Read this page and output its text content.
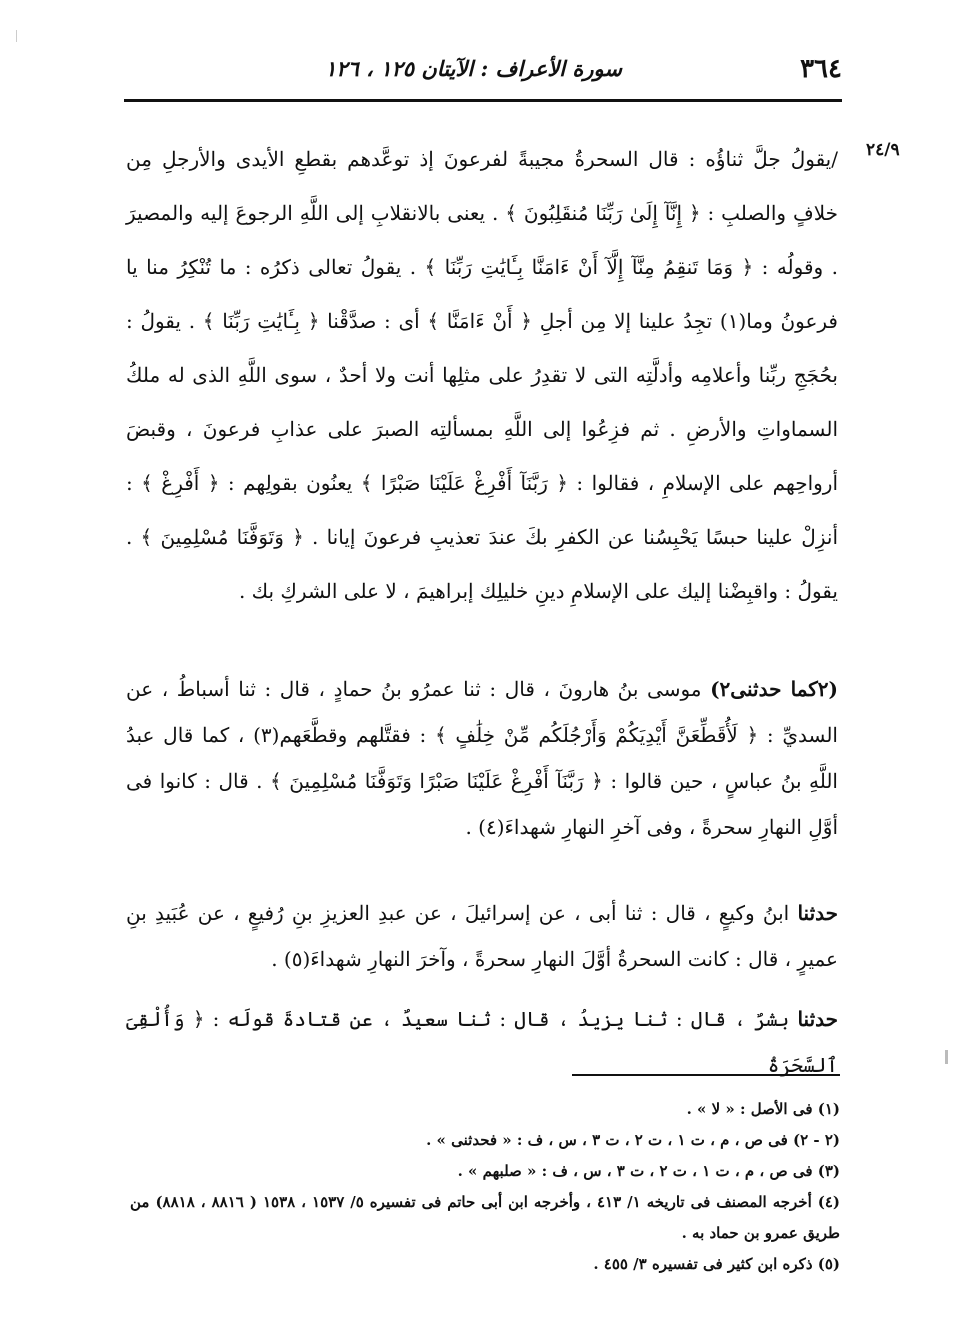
٣٦٤
سورة الأعراف : الآيتان ١٢٥ ، ١٢٦
٢٤/٩

/يقولُ جلَّ ثناؤُه : قال السحرةُ مجيبةً لفرعونَ إذ توعَّدهم بقطعِ الأيدى والأرجلِ مِن خلافٍ والصلبِ : ﴿ إِنَّآ إِلَىٰ رَبِّنَا مُنقَلِبُونَ ﴾ . يعنى بالانقلابِ إلى اللَّهِ الرجوعَ إليه والمصيرَ . وقولُه : ﴿ وَمَا تَنقِمُ مِنَّآ إِلَّآ أَنْ ءَامَنَّا بِـَٔايَٰتِ رَبِّنَا ﴾ . يقولُ تعالى ذكرُه : ما تُنْكِرُ منا يا فرعونُ وما(١) تجِدُ علينا إلا مِن أجلِ ﴿ أَنْ ءَامَنَّا ﴾ أى : صدَّقْنا ﴿ بِـَٔايَٰتِ رَبِّنَا ﴾ . يقولُ : بحُجَجِ ربِّنا وأعلامِه وأدلَّتِه التى لا تقدِرُ على مثلِها أنت ولا أحدٌ ، سوى اللَّهِ الذى له ملكُ السماواتِ والأرضِ . ثم فزِعُوا إلى اللَّهِ بمسألتِه الصبرَ على عذابِ فرعونَ ، وقبضَ أرواحِهم على الإسلامِ ، فقالوا : ﴿ رَبَّنَآ أَفْرِغْ عَلَيْنَا صَبْرًا ﴾ يعنُون بقولِهم : ﴿ أَفْرِغْ ﴾ : أنزِلْ علينا حبسًا يَحْبِسُنا عن الكفرِ بكَ عندَ تعذيبِ فرعونَ إيانا . ﴿ وَتَوَفَّنَا مُسْلِمِينَ ﴾ . يقولُ : واقبِضْنا إليك على الإسلامِ دينِ خليلِك إبراهيمَ ، لا على الشركِ بك .

(٢كما حدثنى٢) موسى بنُ هارونَ ، قال : ثنا عمرُو بنُ حمادٍ ، قال : ثنا أسباطُ ، عن السديِّ : ﴿ لَأُقَطِّعَنَّ أَيْدِيَكُمْ وَأَرْجُلَكُم مِّنْ خِلَٰفٍ ﴾ : فقتَّلهم وقطَّعَهم(٣) ، كما قال عبدُ اللَّهِ بنُ عباسٍ ، حين قالوا : ﴿ رَبَّنَآ أَفْرِغْ عَلَيْنَا صَبْرًا وَتَوَفَّنَا مُسْلِمِينَ ﴾ . قال : كانوا فى أوَّلِ النهارِ سحرةً ، وفى آخرِ النهارِ شهداءَ(٤) .

حدثنا ابنُ وكيعٍ ، قال : ثنا أبى ، عن إسرائيلَ ، عن عبدِ العزيزِ بنِ رُفيعٍ ، عن عُبَيدِ بنِ عميرٍ ، قال : كانت السحرةُ أوَّلَ النهارِ سحرةً ، وآخرَ النهارِ شهداءَ(٥) .

حدثنا بشرٌ ، قال : ثنا يزيدُ ، قال : ثنا سعيدٌ ، عن قتادةَ قولَه : ﴿ وَأُلْقِىَ ٱلسَّحَرَةُ

(١) فى الأصل : « لا » .

(٢ - ٢) فى ص ، م ، ت ١ ، ت ٢ ، ت ٣ ، س ، ف : « فحدثنى » .

(٣) فى ص ، م ، ت ١ ، ت ٢ ، ت ٣ ، س ، ف : « صلبهم » .

(٤) أخرجه المصنف فى تاريخه ١/ ٤١٣ ، وأخرجه ابن أبى حاتم فى تفسيره ٥/ ١٥٣٧ ، ١٥٣٨ ( ٨٨١٦ ، ٨٨١٨) من طريق عمرو بن حماد به .

(٥) ذكره ابن كثير فى تفسيره ٣/ ٤٥٥ .
